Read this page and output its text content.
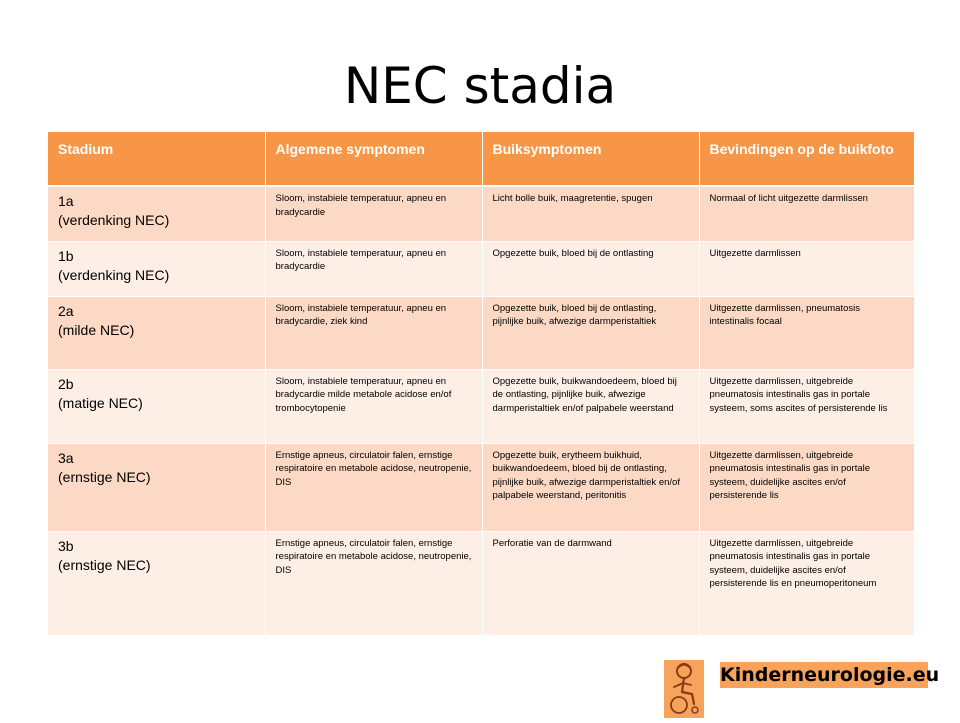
NEC stadia
Stadium	Algemene symptomen	Buiksymptomen	Bevindingen op de buikfoto

1a
(verdenking NEC)	Sloom, instabiele temperatuur, apneu en bradycardie	Licht bolle buik, maagretentie, spugen	Normaal of licht uitgezette darmlissen

1b
(verdenking NEC)	Sloom, instabiele temperatuur, apneu en bradycardie	Opgezette buik, bloed bij de ontlasting	Uitgezette darmlissen

2a
(milde NEC)	Sloom, instabiele temperatuur, apneu en bradycardie, ziek kind	Opgezette buik, bloed bij de ontlasting, pijnlijke buik, afwezige darmperistaltiek	Uitgezette darmlissen, pneumatosis intestinalis focaal

2b
(matige NEC)	Sloom, instabiele temperatuur, apneu en bradycardie milde metabole acidose en/of trombocytopenie	Opgezette buik, buikwandoedeem, bloed bij de ontlasting, pijnlijke buik, afwezige darmperistaltiek en/of palpabele weerstand	Uitgezette darmlissen, uitgebreide pneumatosis intestinalis gas in portale systeem, soms ascites of persisterende lis

3a
(ernstige NEC)	Ernstige apneus, circulatoir falen, ernstige respiratoire en metabole acidose, neutropenie, DIS	Opgezette buik, erytheem buikhuid, buikwandoedeem, bloed bij de ontlasting, pijnlijke buik, afwezige darmperistaltiek en/of palpabele weerstand, peritonitis	Uitgezette darmlissen, uitgebreide pneumatosis intestinalis gas in portale systeem, duidelijke ascites en/of persisterende lis

3b
(ernstige NEC)	Ernstige apneus, circulatoir falen, ernstige respiratoire en metabole acidose, neutropenie, DIS	Perforatie van de darmwand	Uitgezette darmlissen, uitgebreide pneumatosis intestinalis gas in portale systeem, duidelijke ascites en/of persisterende lis en pneumoperitoneum
Kinderneurologie.eu
